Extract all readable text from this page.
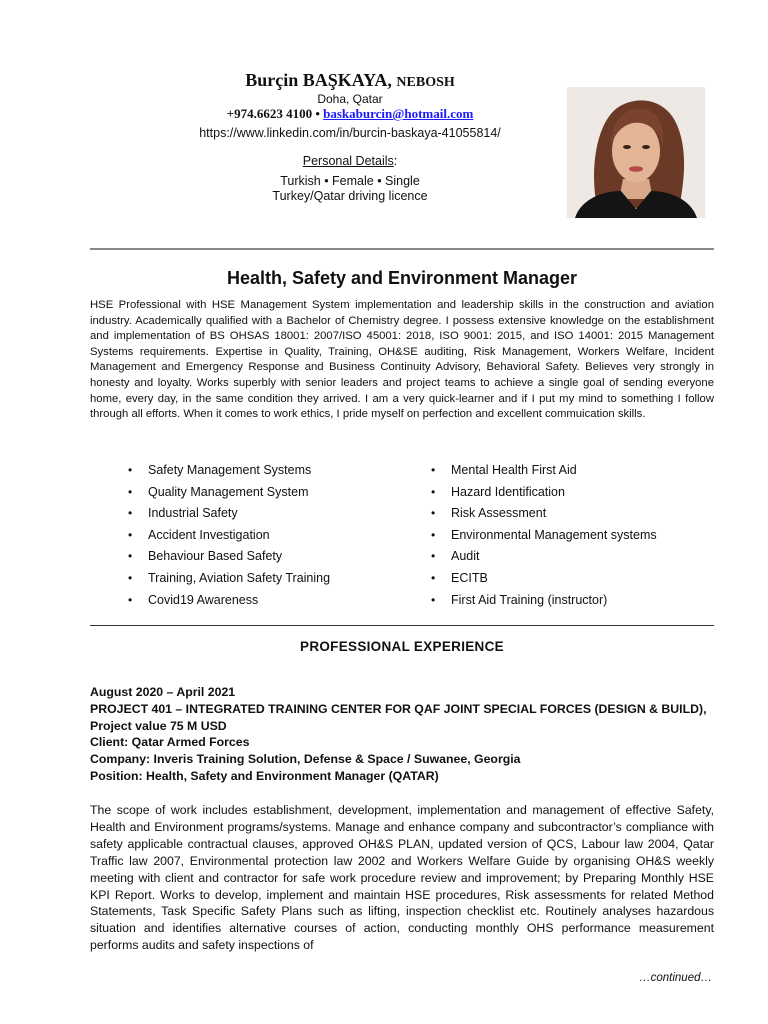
Burçin BAŞKAYA, NEBOSH
Doha, Qatar
+974.6623 4100 • baskaburcin@hotmail.com
https://www.linkedin.com/in/burcin-baskaya-41055814/
Personal Details:
Turkish • Female • Single
Turkey/Qatar driving licence
Health, Safety and Environment Manager
HSE Professional with HSE Management System implementation and leadership skills in the construction and aviation industry. Academically qualified with a Bachelor of Chemistry degree. I possess extensive knowledge on the establishment and implementation of BS OHSAS 18001: 2007/ISO 45001: 2018, ISO 9001: 2015, and ISO 14001: 2015 Management Systems requirements. Expertise in Quality, Training, OH&SE auditing, Risk Management, Workers Welfare, Incident Management and Emergency Response and Business Continuity Advisory, Behavioral Safety. Believes very strongly in honesty and loyalty. Works superbly with senior leaders and project teams to achieve a single goal of sending everyone home, every day, in the same condition they arrived. I am a very quick-learner and if I put my mind to something I follow through all efforts. When it comes to work ethics, I pride myself on perfection and excellent commuication skills.
• Safety Management Systems
• Quality Management System
• Industrial Safety
• Accident Investigation
• Behaviour Based Safety
• Training, Aviation Safety Training
• Covid19 Awareness
• Mental Health First Aid
• Hazard Identification
• Risk Assessment
• Environmental Management systems
• Audit
• ECITB
• First Aid Training (instructor)
PROFESSIONAL EXPERIENCE
August 2020 – April 2021
PROJECT 401 – INTEGRATED TRAINING CENTER FOR QAF JOINT SPECIAL FORCES (DESIGN & BUILD),
Project value 75 M USD
Client: Qatar Armed Forces
Company: Inveris Training Solution, Defense & Space / Suwanee, Georgia
Position: Health, Safety and Environment Manager (QATAR)
The scope of work includes establishment, development, implementation and management of effective Safety, Health and Environment programs/systems. Manage and enhance company and subcontractor’s compliance with safety applicable contractual clauses, approved OH&S PLAN, updated version of QCS, Labour law 2004, Qatar Traffic law 2007, Environmental protection law 2002 and Workers Welfare Guide by organising OH&S weekly meeting with client and contractor for safe work procedure review and improvement; by Preparing Monthly HSE KPI Report. Works to develop, implement and maintain HSE procedures, Risk assessments for related Method Statements, Task Specific Safety Plans such as lifting, inspection checklist etc. Routinely analyses hazardous situation and identifies alternative courses of action, conducting monthly OHS performance measurement performs audits and safety inspections of
…continued…
